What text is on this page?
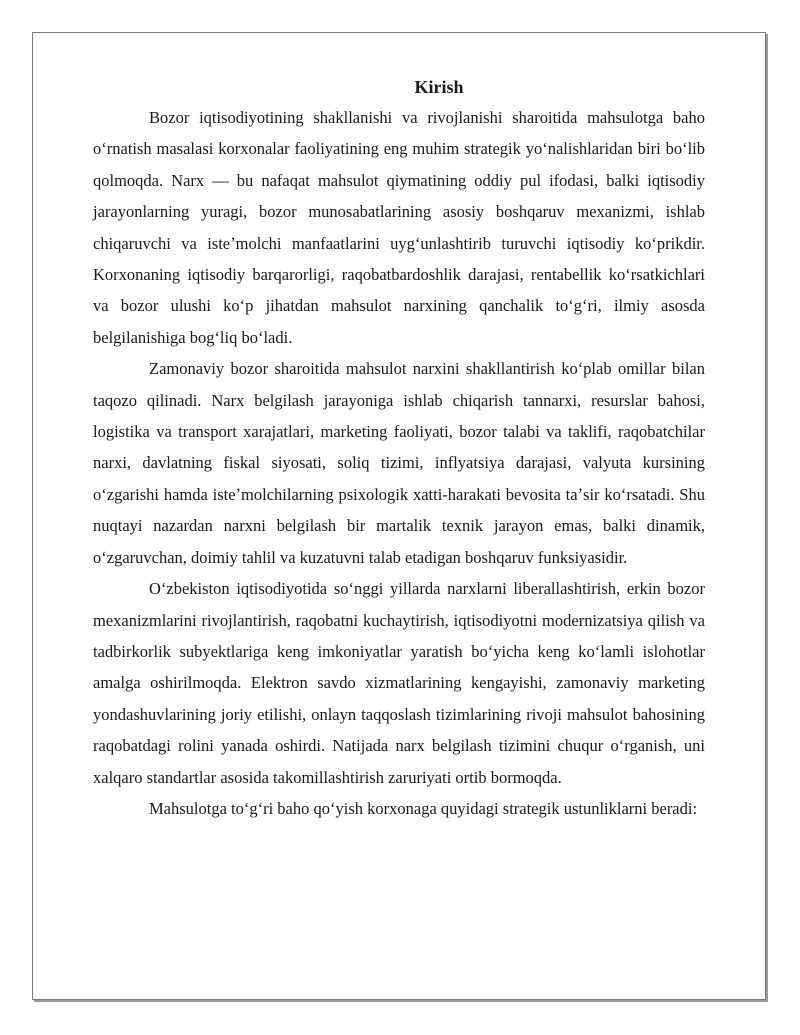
Kirish

Bozor iqtisodiyotining shakllanishi va rivojlanishi sharoitida mahsulotga baho oʻrnatish masalasi korxonalar faoliyatining eng muhim strategik yoʻnalishlaridan biri boʻlib qolmoqda. Narx — bu nafaqat mahsulot qiymatining oddiy pul ifodasi, balki iqtisodiy jarayonlarning yuragi, bozor munosabatlarining asosiy boshqaruv mexanizmi, ishlab chiqaruvchi va isteʼmolchi manfaatlarini uygʻunlashtirib turuvchi iqtisodiy koʻprikdir. Korxonaning iqtisodiy barqarorligi, raqobatbardoshlik darajasi, rentabellik koʻrsatkichlari va bozor ulushi koʻp jihatdan mahsulot narxining qanchalik toʻgʻri, ilmiy asosda belgilanishiga bogʻliq boʻladi.

Zamonaviy bozor sharoitida mahsulot narxini shakllantirish koʻplab omillar bilan taqozo qilinadi. Narx belgilash jarayoniga ishlab chiqarish tannarxi, resurslar bahosi, logistika va transport xarajatlari, marketing faoliyati, bozor talabi va taklifi, raqobatchilar narxi, davlatning fiskal siyosati, soliq tizimi, inflyatsiya darajasi, valyuta kursining oʻzgarishi hamda isteʼmolchilarning psixologik xatti-harakati bevosita taʼsir koʻrsatadi. Shu nuqtayi nazardan narxni belgilash bir martalik texnik jarayon emas, balki dinamik, oʻzgaruvchan, doimiy tahlil va kuzatuvni talab etadigan boshqaruv funksiyasidir.

Oʻzbekiston iqtisodiyotida soʻnggi yillarda narxlarni liberallashtirish, erkin bozor mexanizmlarini rivojlantirish, raqobatni kuchaytirish, iqtisodiyotni modernizatsiya qilish va tadbirkorlik subyektlariga keng imkoniyatlar yaratish boʻyicha keng koʻlamli islohotlar amalga oshirilmoqda. Elektron savdo xizmatlarining kengayishi, zamonaviy marketing yondashuvlarining joriy etilishi, onlayn taqqoslash tizimlarining rivoji mahsulot bahosining raqobatdagi rolini yanada oshirdi. Natijada narx belgilash tizimini chuqur oʻrganish, uni xalqaro standartlar asosida takomillashtirish zaruriyati ortib bormoqda.

Mahsulotga toʻgʻri baho qoʻyish korxonaga quyidagi strategik ustunliklarni beradi:
